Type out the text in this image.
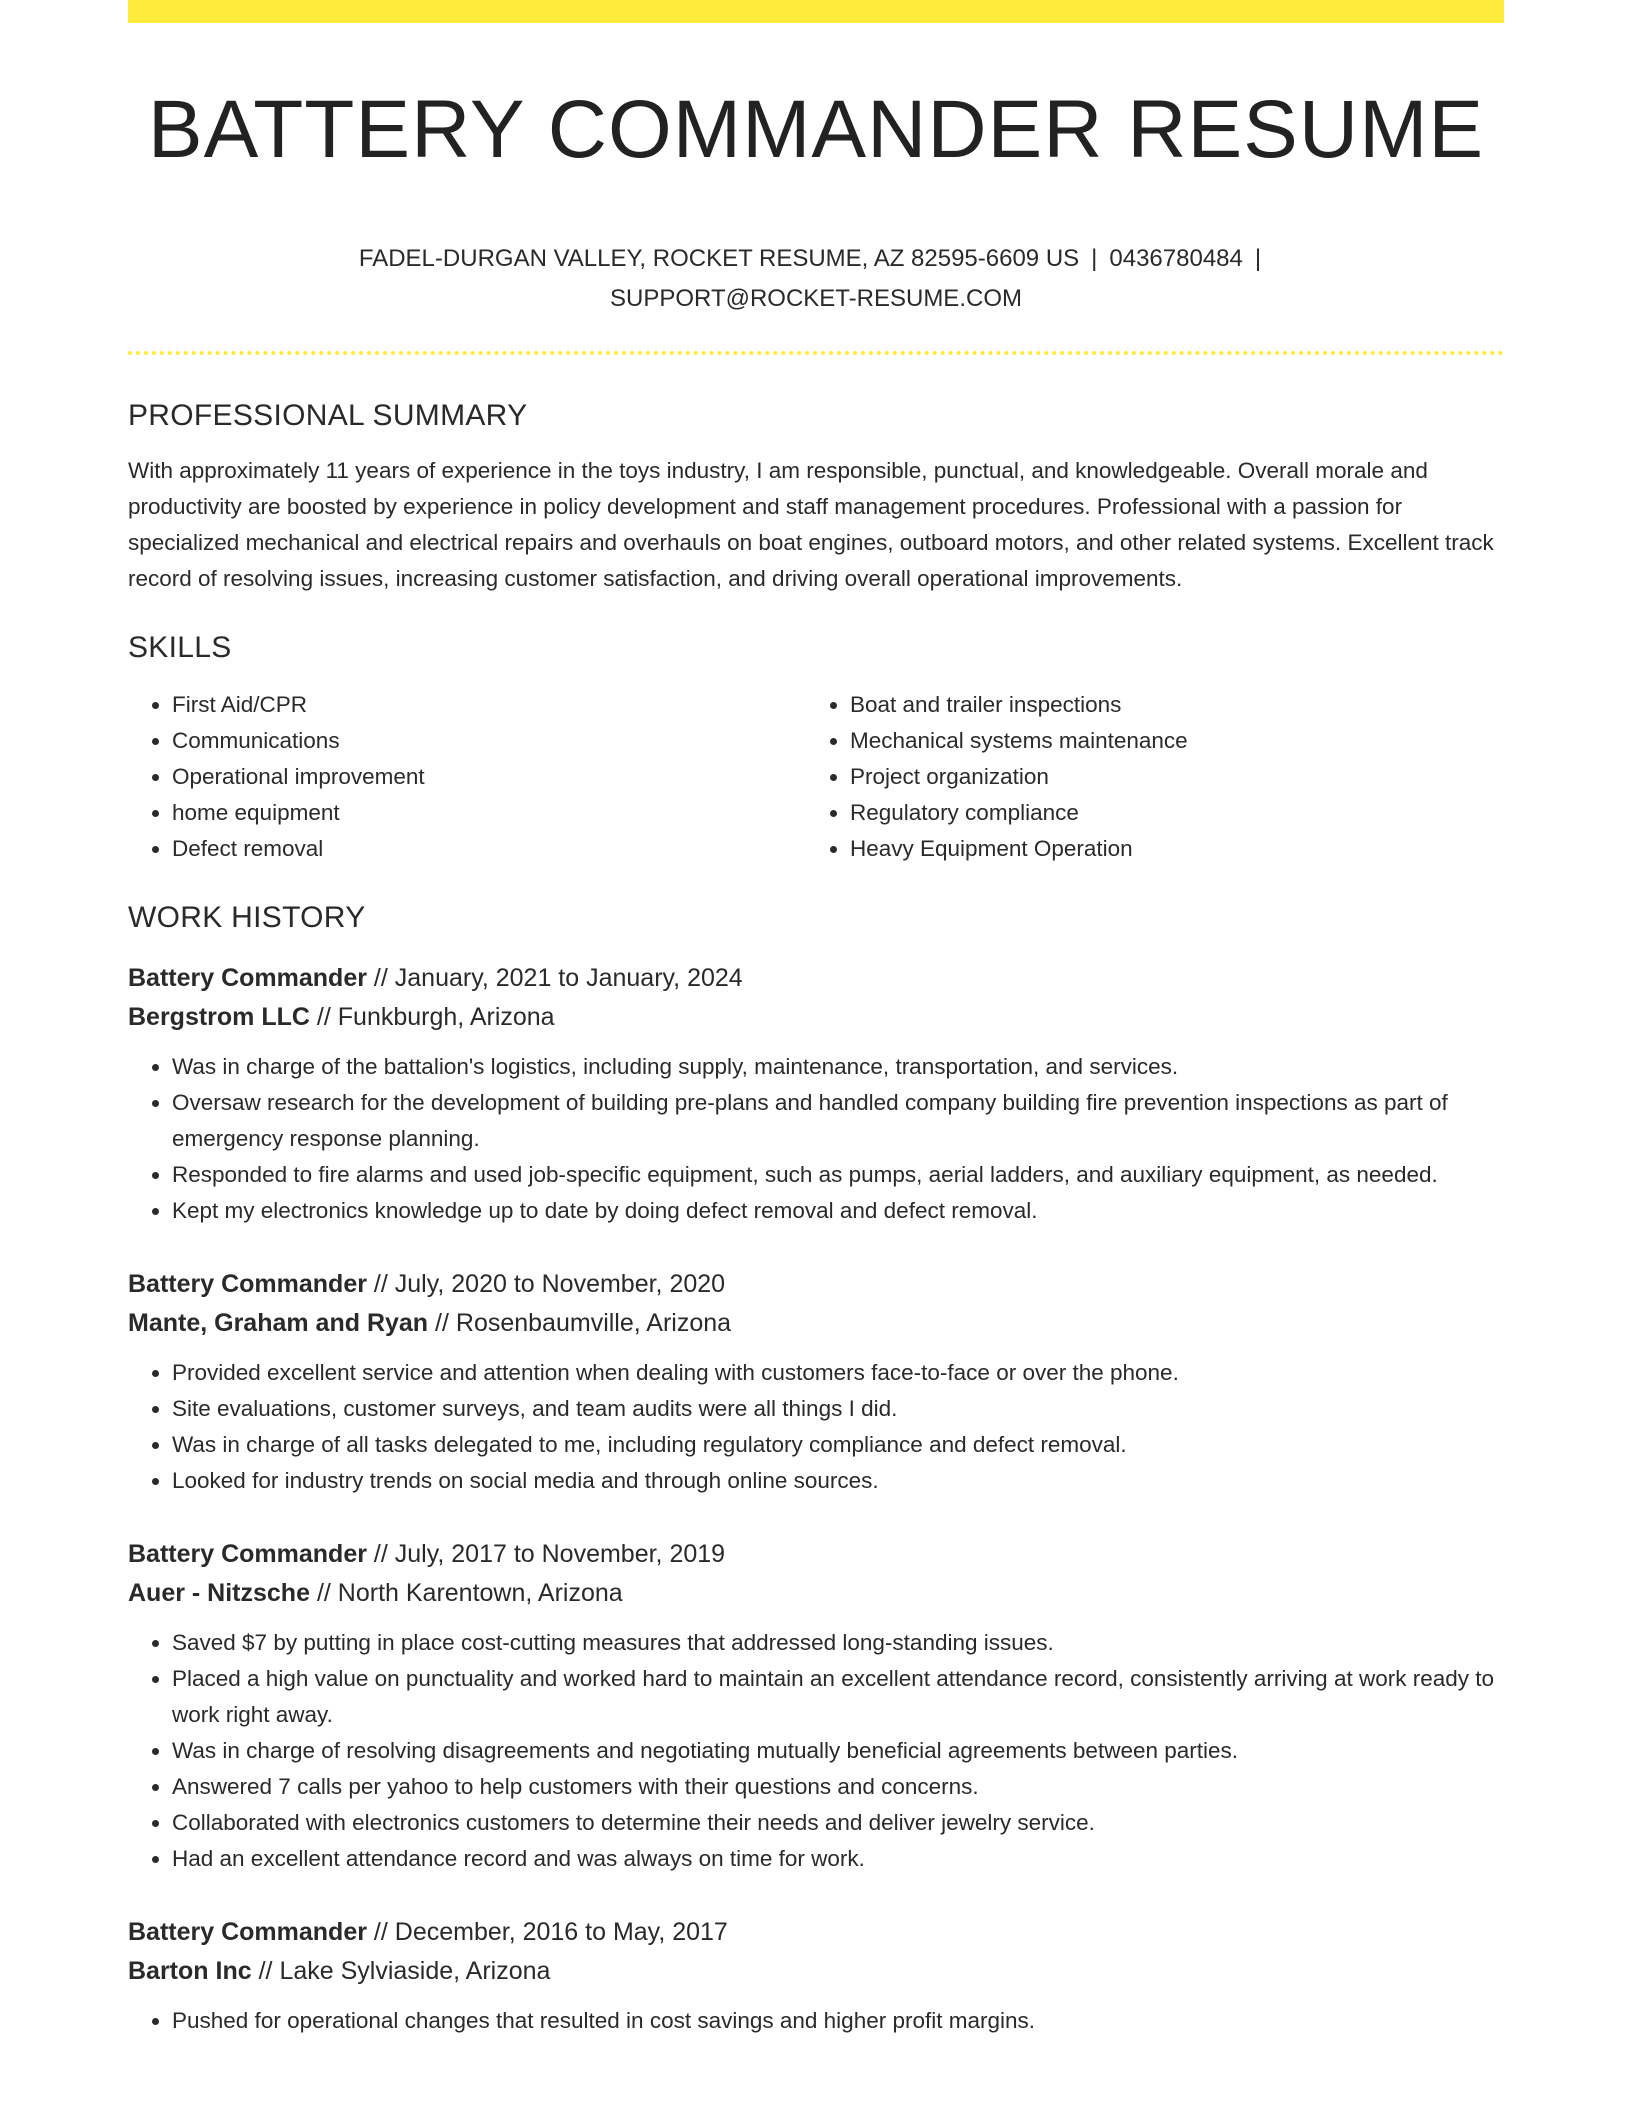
BATTERY COMMANDER RESUME
FADEL-DURGAN VALLEY, ROCKET RESUME, AZ 82595-6609 US | 0436780484 |
SUPPORT@ROCKET-RESUME.COM
PROFESSIONAL SUMMARY

With approximately 11 years of experience in the toys industry, I am responsible, punctual, and knowledgeable. Overall morale and productivity are boosted by experience in policy development and staff management procedures. Professional with a passion for specialized mechanical and electrical repairs and overhauls on boat engines, outboard motors, and other related systems. Excellent track record of resolving issues, increasing customer satisfaction, and driving overall operational improvements.

SKILLS
• First Aid/CPR
• Communications
• Operational improvement
• home equipment
• Defect removal
• Boat and trailer inspections
• Mechanical systems maintenance
• Project organization
• Regulatory compliance
• Heavy Equipment Operation
WORK HISTORY
Battery Commander // January, 2021 to January, 2024
Bergstrom LLC // Funkburgh, Arizona
• Was in charge of the battalion's logistics, including supply, maintenance, transportation, and services.
• Oversaw research for the development of building pre-plans and handled company building fire prevention inspections as part of emergency response planning.
• Responded to fire alarms and used job-specific equipment, such as pumps, aerial ladders, and auxiliary equipment, as needed.
• Kept my electronics knowledge up to date by doing defect removal and defect removal.
Battery Commander // July, 2020 to November, 2020
Mante, Graham and Ryan // Rosenbaumville, Arizona
• Provided excellent service and attention when dealing with customers face-to-face or over the phone.
• Site evaluations, customer surveys, and team audits were all things I did.
• Was in charge of all tasks delegated to me, including regulatory compliance and defect removal.
• Looked for industry trends on social media and through online sources.
Battery Commander // July, 2017 to November, 2019
Auer - Nitzsche // North Karentown, Arizona
• Saved $7 by putting in place cost-cutting measures that addressed long-standing issues.
• Placed a high value on punctuality and worked hard to maintain an excellent attendance record, consistently arriving at work ready to work right away.
• Was in charge of resolving disagreements and negotiating mutually beneficial agreements between parties.
• Answered 7 calls per yahoo to help customers with their questions and concerns.
• Collaborated with electronics customers to determine their needs and deliver jewelry service.
• Had an excellent attendance record and was always on time for work.
Battery Commander // December, 2016 to May, 2017
Barton Inc // Lake Sylviaside, Arizona
• Pushed for operational changes that resulted in cost savings and higher profit margins.
